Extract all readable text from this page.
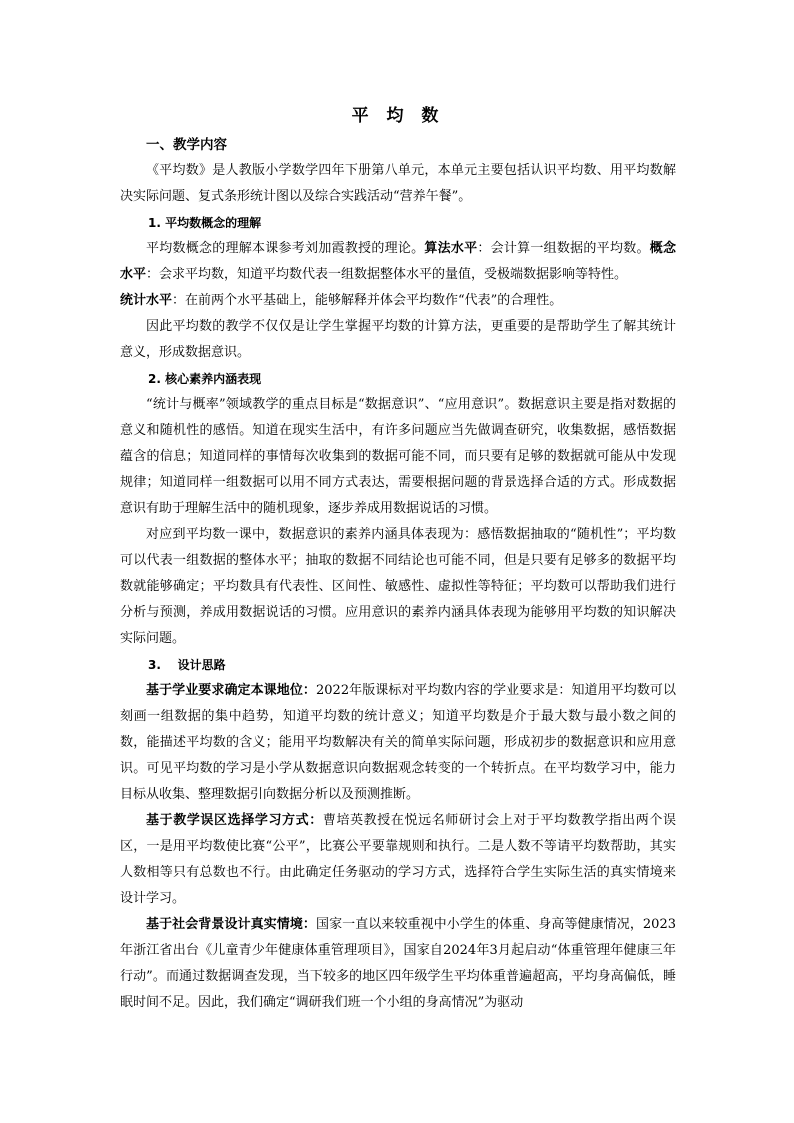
平 均 数
一、教学内容

《平均数》是人教版小学数学四年下册第八单元，本单元主要包括认识平均数、用平均数解决实际问题、复式条形统计图以及综合实践活动“营养午餐”。

1. 平均数概念的理解

平均数概念的理解本课参考刘加霞教授的理论。算法水平：会计算一组数据的平均数。概念水平：会求平均数，知道平均数代表一组数据整体水平的量值，受极端数据影响等特性。

统计水平：在前两个水平基础上，能够解释并体会平均数作“代表”的合理性。

因此平均数的教学不仅仅是让学生掌握平均数的计算方法，更重要的是帮助学生了解其统计意义，形成数据意识。

2. 核心素养内涵表现

“统计与概率”领域教学的重点目标是“数据意识”、“应用意识”。数据意识主要是指对数据的意义和随机性的感悟。知道在现实生活中，有许多问题应当先做调查研究，收集数据，感悟数据蕴含的信息；知道同样的事情每次收集到的数据可能不同，而只要有足够的数据就可能从中发现规律；知道同样一组数据可以用不同方式表达，需要根据问题的背景选择合适的方式。形成数据意识有助于理解生活中的随机现象，逐步养成用数据说话的习惯。

对应到平均数一课中，数据意识的素养内涵具体表现为：感悟数据抽取的“随机性”；平均数可以代表一组数据的整体水平；抽取的数据不同结论也可能不同，但是只要有足够多的数据平均数就能够确定；平均数具有代表性、区间性、敏感性、虚拟性等特征；平均数可以帮助我们进行分析与预测，养成用数据说话的习惯。应用意识的素养内涵具体表现为能够用平均数的知识解决实际问题。

3.    设计思路

基于学业要求确定本课地位：2022年版课标对平均数内容的学业要求是：知道用平均数可以刻画一组数据的集中趋势，知道平均数的统计意义；知道平均数是介于最大数与最小数之间的数，能描述平均数的含义；能用平均数解决有关的简单实际问题，形成初步的数据意识和应用意识。可见平均数的学习是小学从数据意识向数据观念转变的一个转折点。在平均数学习中，能力目标从收集、整理数据引向数据分析以及预测推断。

基于教学误区选择学习方式：曹培英教授在悦远名师研讨会上对于平均数教学指出两个误区，一是用平均数使比赛“公平”，比赛公平要靠规则和执行。二是人数不等请平均数帮助，其实人数相等只有总数也不行。由此确定任务驱动的学习方式，选择符合学生实际生活的真实情境来设计学习。

基于社会背景设计真实情境：国家一直以来较重视中小学生的体重、身高等健康情况，2023年浙江省出台《儿童青少年健康体重管理项目》，国家自2024年3月起启动“体重管理年健康三年行动”。而通过数据调查发现，当下较多的地区四年级学生平均体重普遍超高，平均身高偏低，睡眠时间不足。因此，我们确定“调研我们班一个小组的身高情况”为驱动
